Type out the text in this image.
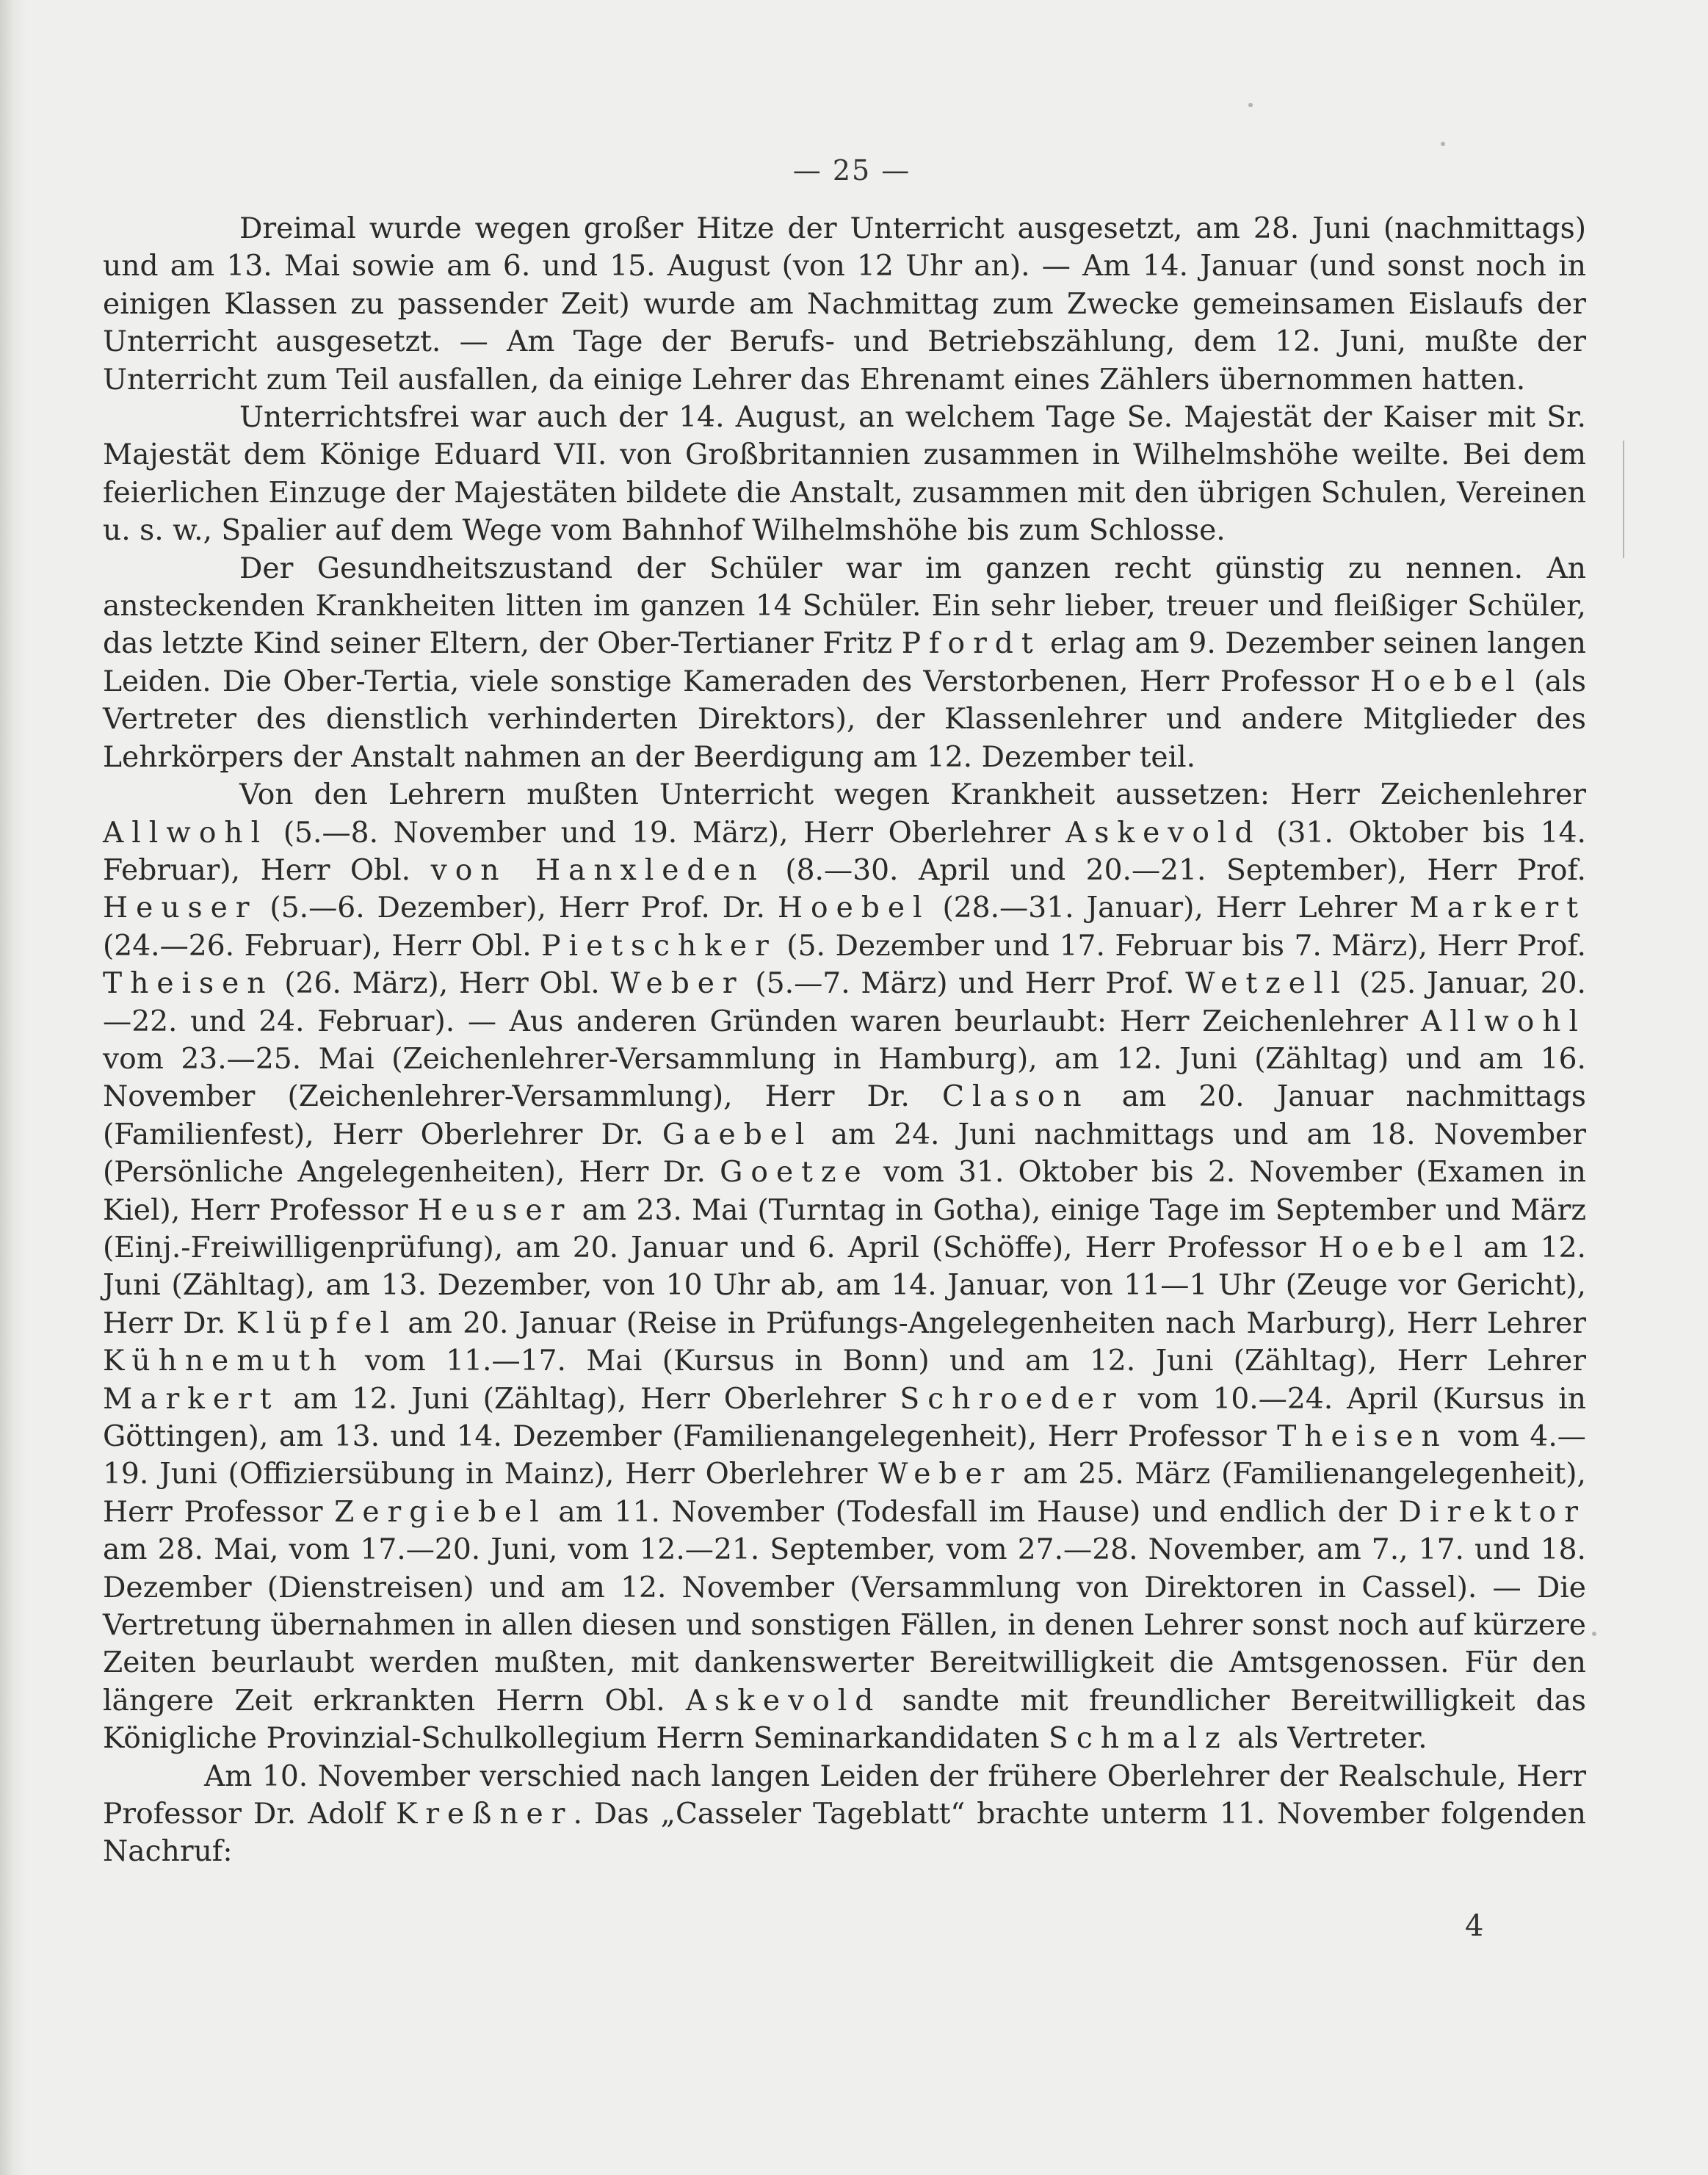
— 25 —

Dreimal wurde wegen großer Hitze der Unterricht ausgesetzt, am 28. Juni (nachmittags) und am 13. Mai sowie am 6. und 15. August (von 12 Uhr an). — Am 14. Januar (und sonst noch in einigen Klassen zu passender Zeit) wurde am Nachmittag zum Zwecke gemeinsamen Eislaufs der Unterricht ausgesetzt. — Am Tage der Berufs- und Betriebszählung, dem 12. Juni, mußte der Unterricht zum Teil ausfallen, da einige Lehrer das Ehrenamt eines Zählers übernommen hatten.

Unterrichtsfrei war auch der 14. August, an welchem Tage Se. Majestät der Kaiser mit Sr. Majestät dem Könige Eduard VII. von Großbritannien zusammen in Wilhelmshöhe weilte. Bei dem feierlichen Einzuge der Majestäten bildete die Anstalt, zusammen mit den übrigen Schulen, Vereinen u. s. w., Spalier auf dem Wege vom Bahnhof Wilhelmshöhe bis zum Schlosse.

Der Gesundheitszustand der Schüler war im ganzen recht günstig zu nennen. An ansteckenden Krankheiten litten im ganzen 14 Schüler. Ein sehr lieber, treuer und fleißiger Schüler, das letzte Kind seiner Eltern, der Ober-Tertianer Fritz Pfordt erlag am 9. Dezember seinen langen Leiden. Die Ober-Tertia, viele sonstige Kameraden des Verstorbenen, Herr Professor Hoebel (als Vertreter des dienstlich verhinderten Direktors), der Klassenlehrer und andere Mitglieder des Lehrkörpers der Anstalt nahmen an der Beerdigung am 12. Dezember teil.

Von den Lehrern mußten Unterricht wegen Krankheit aussetzen: Herr Zeichenlehrer Allwohl (5.—8. November und 19. März), Herr Oberlehrer Askevold (31. Oktober bis 14. Februar), Herr Obl. von Hanxleden (8.—30. April und 20.—21. September), Herr Prof. Heuser (5.—6. Dezember), Herr Prof. Dr. Hoebel (28.—31. Januar), Herr Lehrer Markert (24.—26. Februar), Herr Obl. Pietschker (5. Dezember und 17. Februar bis 7. März), Herr Prof. Theisen (26. März), Herr Obl. Weber (5.—7. März) und Herr Prof. Wetzell (25. Januar, 20.—22. und 24. Februar). — Aus anderen Gründen waren beurlaubt: Herr Zeichenlehrer Allwohl vom 23.—25. Mai (Zeichenlehrer-Versammlung in Hamburg), am 12. Juni (Zähltag) und am 16. November (Zeichenlehrer-Versammlung), Herr Dr. Clason am 20. Januar nachmittags (Familienfest), Herr Oberlehrer Dr. Gaebel am 24. Juni nachmittags und am 18. November (Persönliche Angelegenheiten), Herr Dr. Goetze vom 31. Oktober bis 2. November (Examen in Kiel), Herr Professor Heuser am 23. Mai (Turntag in Gotha), einige Tage im September und März (Einj.-Freiwilligenprüfung), am 20. Januar und 6. April (Schöffe), Herr Professor Hoebel am 12. Juni (Zähltag), am 13. Dezember, von 10 Uhr ab, am 14. Januar, von 11—1 Uhr (Zeuge vor Gericht), Herr Dr. Klüpfel am 20. Januar (Reise in Prüfungs-Angelegenheiten nach Marburg), Herr Lehrer Kühnemuth vom 11.—17. Mai (Kursus in Bonn) und am 12. Juni (Zähltag), Herr Lehrer Markert am 12. Juni (Zähltag), Herr Oberlehrer Schroeder vom 10.—24. April (Kursus in Göttingen), am 13. und 14. Dezember (Familienangelegenheit), Herr Professor Theisen vom 4.—19. Juni (Offiziersübung in Mainz), Herr Oberlehrer Weber am 25. März (Familienangelegenheit), Herr Professor Zergiebel am 11. November (Todesfall im Hause) und endlich der Direktor am 28. Mai, vom 17.—20. Juni, vom 12.—21. September, vom 27.—28. November, am 7., 17. und 18. Dezember (Dienstreisen) und am 12. November (Versammlung von Direktoren in Cassel). — Die Vertretung übernahmen in allen diesen und sonstigen Fällen, in denen Lehrer sonst noch auf kürzere Zeiten beurlaubt werden mußten, mit dankenswerter Bereitwilligkeit die Amtsgenossen. Für den längere Zeit erkrankten Herrn Obl. Askevold sandte mit freundlicher Bereitwilligkeit das Königliche Provinzial-Schulkollegium Herrn Seminarkandidaten Schmalz als Vertreter.

Am 10. November verschied nach langen Leiden der frühere Oberlehrer der Realschule, Herr Professor Dr. Adolf Kreßner. Das „Casseler Tageblatt“ brachte unterm 11. November folgenden Nachruf:

4
